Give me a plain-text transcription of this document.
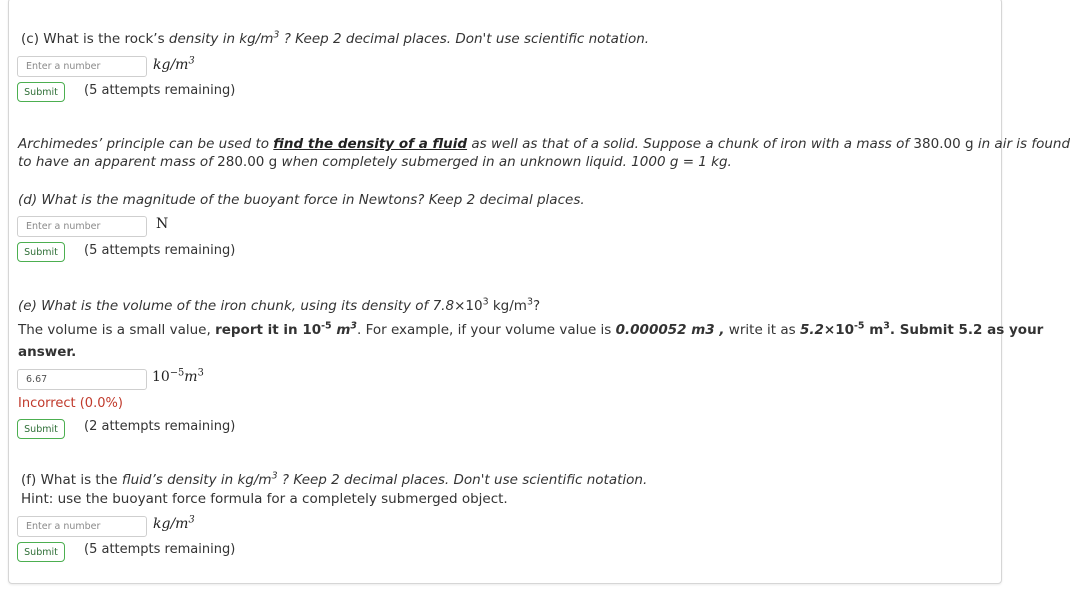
(c) What is the rock’s density in $kg/m^3$ ? Keep 2 decimal places. Don't use scientific notation.
Enter a number
$kg/m^3$
Submit	(5 attempts remaining)
Archimedes’ principle can be used to find the density of a fluid as well as that of a solid. Suppose a chunk of iron with a mass of 380.00 g in air is found
to have an apparent mass of 280.00 g when completely submerged in an unknown liquid. 1000 g = 1 kg.
(d) What is the magnitude of the buoyant force in Newtons? Keep 2 decimal places.
Enter a number
N
Submit	(5 attempts remaining)
(e) What is the volume of the iron chunk, using its density of $7.8\times 10^3$ $kg/m^3$?
The volume is a small value, report it in $10^{-5}$ $m^3$. For example, if your volume value is 0.000052 m3 , write it as $5.2\times 10^{-5}$ $m^3$. Submit 5.2 as your
answer.
6.67
$10^{-5}m^3$
Incorrect (0.0%)
Submit	(2 attempts remaining)
(f) What is the fluid’s density in $kg/m^3$ ? Keep 2 decimal places. Don't use scientific notation.
Hint: use the buoyant force formula for a completely submerged object.
Enter a number
$kg/m^3$
Submit	(5 attempts remaining)
